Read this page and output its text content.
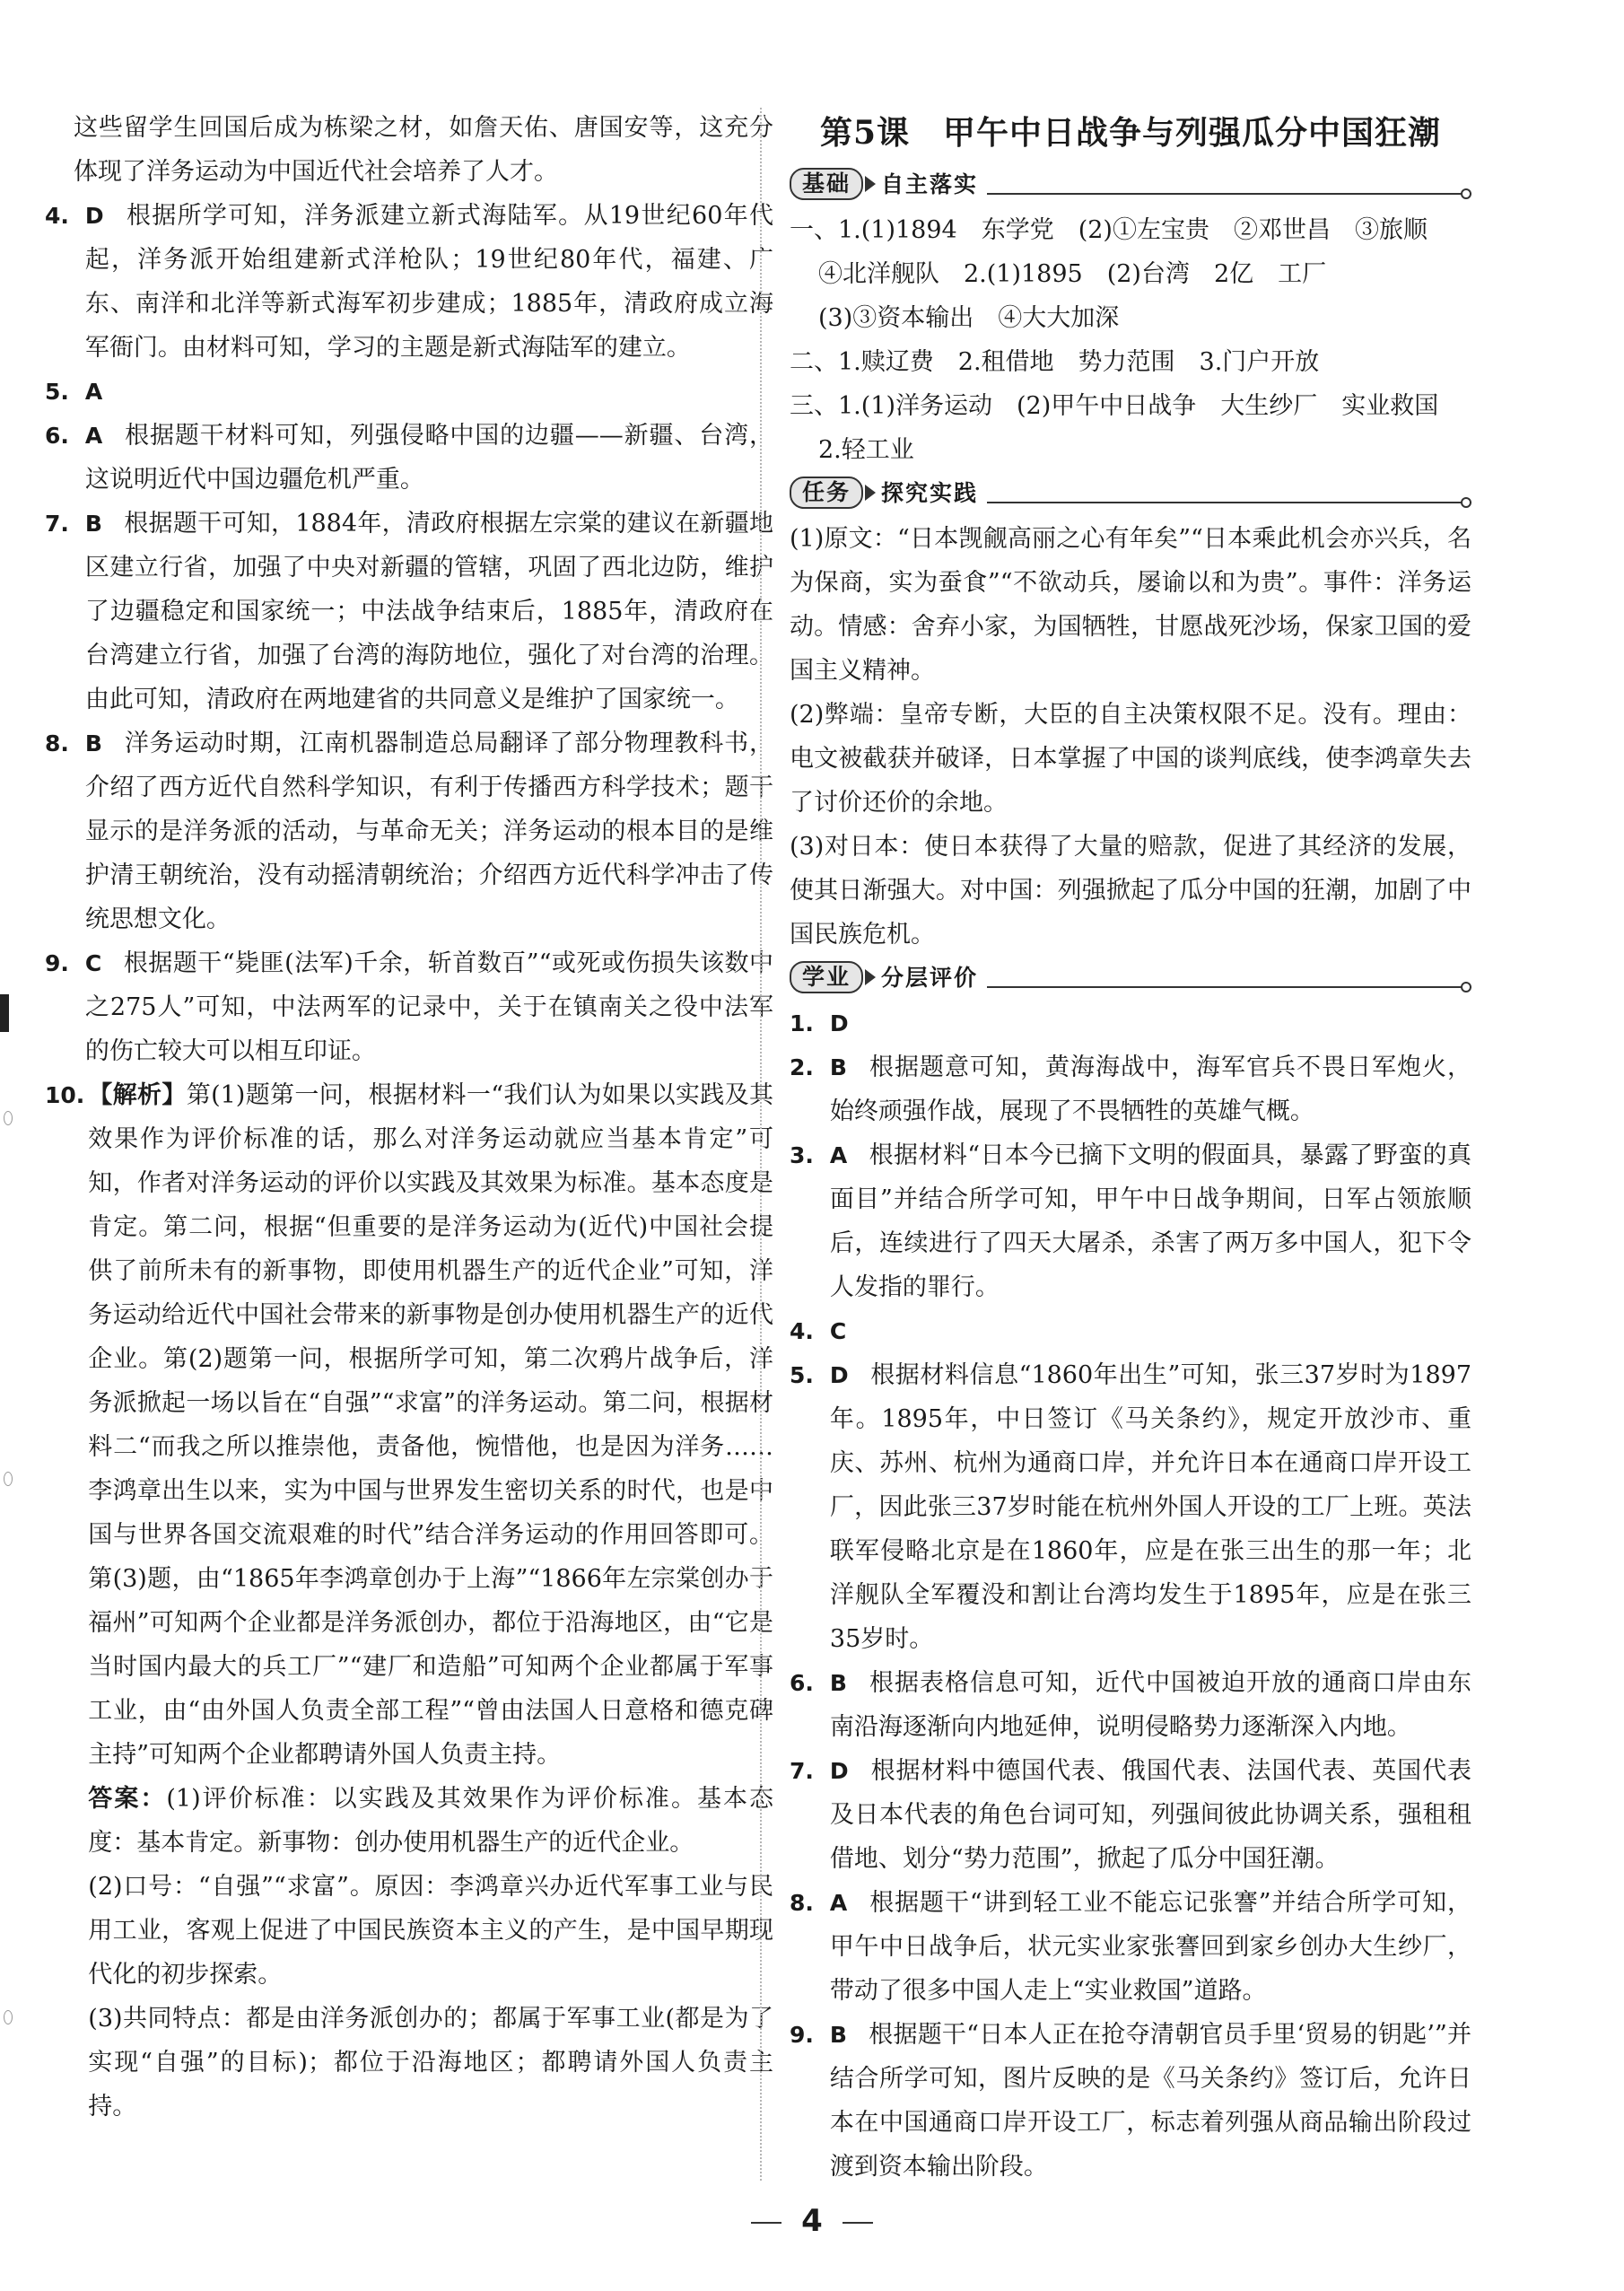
这些留学生回国后成为栋梁之材，如詹天佑、唐国安等，这充分体现了洋务运动为中国近代社会培养了人才。

4. D 根据所学可知，洋务派建立新式海陆军。从19世纪60年代起，洋务派开始组建新式洋枪队；19世纪80年代，福建、广东、南洋和北洋等新式海军初步建成；1885年，清政府成立海军衙门。由材料可知，学习的主题是新式海陆军的建立。
5. A
6. A 根据题干材料可知，列强侵略中国的边疆——新疆、台湾，这说明近代中国边疆危机严重。
7. B 根据题干可知，1884年，清政府根据左宗棠的建议在新疆地区建立行省，加强了中央对新疆的管辖，巩固了西北边防，维护了边疆稳定和国家统一；中法战争结束后，1885年，清政府在台湾建立行省，加强了台湾的海防地位，强化了对台湾的治理。由此可知，清政府在两地建省的共同意义是维护了国家统一。
8. B 洋务运动时期，江南机器制造总局翻译了部分物理教科书，介绍了西方近代自然科学知识，有利于传播西方科学技术；题干显示的是洋务派的活动，与革命无关；洋务运动的根本目的是维护清王朝统治，没有动摇清朝统治；介绍西方近代科学冲击了传统思想文化。
9. C 根据题干“毙匪(法军)千余，斩首数百”“或死或伤损失该数中之275人”可知，中法两军的记录中，关于在镇南关之役中法军的伤亡较大可以相互印证。
10. 【解析】第(1)题第一问，根据材料一“我们认为如果以实践及其效果作为评价标准的话，那么对洋务运动就应当基本肯定”可知，作者对洋务运动的评价以实践及其效果为标准。基本态度是肯定。第二问，根据“但重要的是洋务运动为(近代)中国社会提供了前所未有的新事物，即使用机器生产的近代企业”可知，洋务运动给近代中国社会带来的新事物是创办使用机器生产的近代企业。第(2)题第一问，根据所学可知，第二次鸦片战争后，洋务派掀起一场以旨在“自强”“求富”的洋务运动。第二问，根据材料二“而我之所以推崇他，责备他，惋惜他，也是因为洋务……李鸿章出生以来，实为中国与世界发生密切关系的时代，也是中国与世界各国交流艰难的时代”结合洋务运动的作用回答即可。第(3)题，由“1865年李鸿章创办于上海”“1866年左宗棠创办于福州”可知两个企业都是洋务派创办，都位于沿海地区，由“它是当时国内最大的兵工厂”“建厂和造船”可知两个企业都属于军事工业，由“由外国人负责全部工程”“曾由法国人日意格和德克碑主持”可知两个企业都聘请外国人负责主持。

答案：(1)评价标准：以实践及其效果作为评价标准。基本态度：基本肯定。新事物：创办使用机器生产的近代企业。

(2)口号：“自强”“求富”。原因：李鸿章兴办近代军事工业与民用工业，客观上促进了中国民族资本主义的产生，是中国早期现代化的初步探索。

(3)共同特点：都是由洋务派创办的；都属于军事工业(都是为了实现“自强”的目标)；都位于沿海地区；都聘请外国人负责主持。

第5课　甲午中日战争与列强瓜分中国狂潮
基础	自主落实

一、1.(1)1894　东学党　(2)①左宝贵　②邓世昌　③旅顺

④北洋舰队　2.(1)1895　(2)台湾　2亿　工厂

(3)③资本输出　④大大加深

二、1.赎辽费　2.租借地　势力范围　3.门户开放

三、1.(1)洋务运动　(2)甲午中日战争　大生纱厂　实业救国

2.轻工业

任务	探究实践

(1)原文：“日本觊觎高丽之心有年矣”“日本乘此机会亦兴兵，名为保商，实为蚕食”“不欲动兵，屡谕以和为贵”。事件：洋务运动。情感：舍弃小家，为国牺牲，甘愿战死沙场，保家卫国的爱国主义精神。

(2)弊端：皇帝专断，大臣的自主决策权限不足。没有。理由：电文被截获并破译，日本掌握了中国的谈判底线，使李鸿章失去了讨价还价的余地。

(3)对日本：使日本获得了大量的赔款，促进了其经济的发展，使其日渐强大。对中国：列强掀起了瓜分中国的狂潮，加剧了中国民族危机。

学业	分层评价
1. D
2. B 根据题意可知，黄海海战中，海军官兵不畏日军炮火，始终顽强作战，展现了不畏牺牲的英雄气概。
3. A 根据材料“日本今已摘下文明的假面具，暴露了野蛮的真面目”并结合所学可知，甲午中日战争期间，日军占领旅顺后，连续进行了四天大屠杀，杀害了两万多中国人，犯下令人发指的罪行。
4. C
5. D 根据材料信息“1860年出生”可知，张三37岁时为1897年。1895年，中日签订《马关条约》，规定开放沙市、重庆、苏州、杭州为通商口岸，并允许日本在通商口岸开设工厂，因此张三37岁时能在杭州外国人开设的工厂上班。英法联军侵略北京是在1860年，应是在张三出生的那一年；北洋舰队全军覆没和割让台湾均发生于1895年，应是在张三35岁时。
6. B 根据表格信息可知，近代中国被迫开放的通商口岸由东南沿海逐渐向内地延伸，说明侵略势力逐渐深入内地。
7. D 根据材料中德国代表、俄国代表、法国代表、英国代表及日本代表的角色台词可知，列强间彼此协调关系，强租租借地、划分“势力范围”，掀起了瓜分中国狂潮。
8. A 根据题干“讲到轻工业不能忘记张謇”并结合所学可知，甲午中日战争后，状元实业家张謇回到家乡创办大生纱厂，带动了很多中国人走上“实业救国”道路。
9. B 根据题干“日本人正在抢夺清朝官员手里‘贸易的钥匙’”并结合所学可知，图片反映的是《马关条约》签订后，允许日本在中国通商口岸开设工厂，标志着列强从商品输出阶段过渡到资本输出阶段。
4
